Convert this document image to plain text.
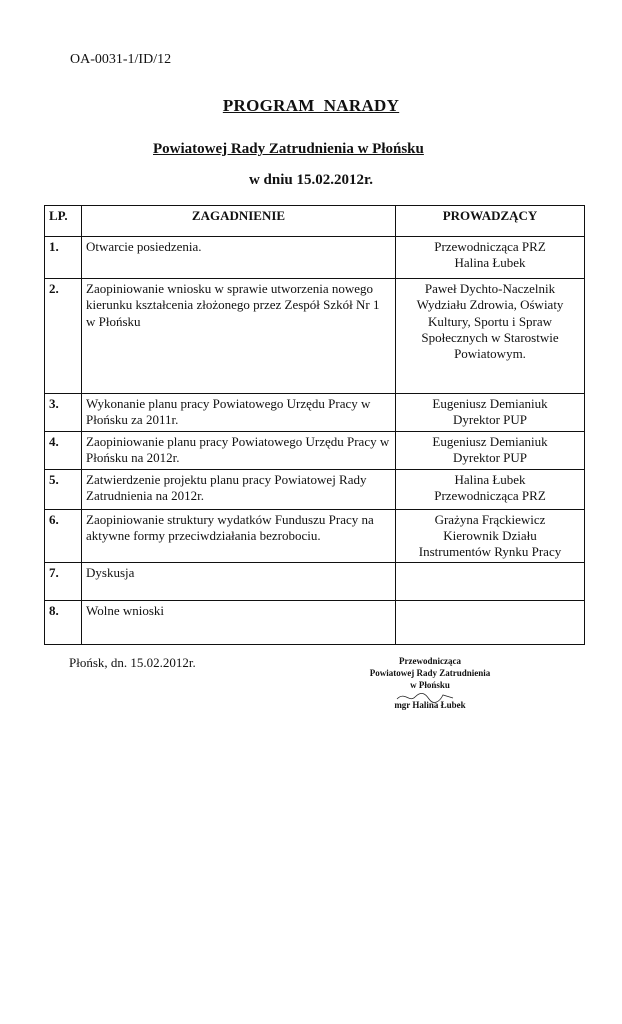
OA-0031-1/ID/12
PROGRAM  NARADY
Powiatowej Rady Zatrudnienia w Płońsku
w dniu 15.02.2012r.
LP.	ZAGADNIENIE	PROWADZĄCY
1.	Otwarcie posiedzenia.	Przewodnicząca PRZ
Halina Łubek
2.	Zaopiniowanie wniosku w sprawie utworzenia nowego kierunku kształcenia złożonego przez Zespół Szkół Nr 1 w Płońsku	Paweł Dychto-Naczelnik Wydziału Zdrowia, Oświaty Kultury, Sportu i Spraw Społecznych w Starostwie Powiatowym.
3.	Wykonanie planu pracy Powiatowego Urzędu Pracy w Płońsku za 2011r.	Eugeniusz Demianiuk
Dyrektor PUP
4.	Zaopiniowanie planu pracy Powiatowego Urzędu Pracy w Płońsku na 2012r.	Eugeniusz Demianiuk
Dyrektor PUP
5.	Zatwierdzenie projektu planu pracy Powiatowej Rady Zatrudnienia na 2012r.	Halina Łubek
Przewodnicząca PRZ
6.	Zaopiniowanie struktury wydatków Funduszu Pracy na aktywne formy przeciwdziałania bezrobociu.	Grażyna Frąckiewicz
Kierownik Działu
Instrumentów Rynku Pracy
7.	Dyskusja	
8.	Wolne wnioski	
Płońsk, dn. 15.02.2012r.	Przewodnicząca
Powiatowej Rady Zatrudnienia
w Płońsku
mgr Halina Łubek
